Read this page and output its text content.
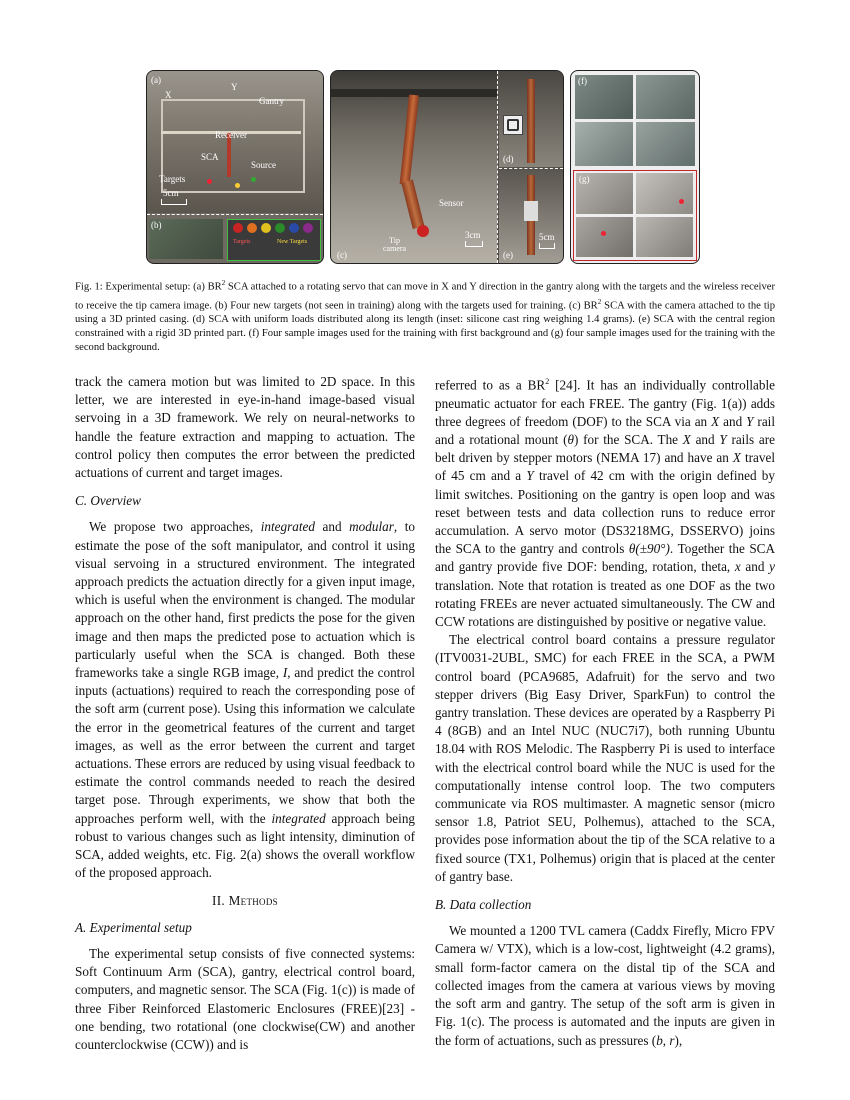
(a)
X
Y
Gantry
Receiver
SCA
Source
Targets
5cm
(b)
Targets	New Targets
(c)
Sensor
Tip
camera
3cm
(d)
(e)
5cm
(f)
(g)
Fig. 1: Experimental setup: (a) $BR^2$ SCA attached to a rotating servo that can move in X and Y direction in the gantry along with the targets and the wireless receiver to receive the tip camera image. (b) Four new targets (not seen in training) along with the targets used for training. (c) $BR^2$ SCA with the camera attached to the tip using a 3D printed casing. (d) SCA with uniform loads distributed along its length (inset: silicone cast ring weighing 1.4 grams). (e) SCA with the central region constrained with a rigid 3D printed part. (f) Four sample images used for the training with first background and (g) four sample images used for the training with the second background.

track the camera motion but was limited to 2D space. In this letter, we are interested in eye-in-hand image-based visual servoing in a 3D framework. We rely on neural-networks to handle the feature extraction and mapping to actuation. The control policy then computes the error between the predicted actuations of current and target images.

C. Overview

We propose two approaches, integrated and modular, to estimate the pose of the soft manipulator, and control it using visual servoing in a structured environment. The integrated approach predicts the actuation directly for a given input image, which is useful when the environment is changed. The modular approach on the other hand, first predicts the pose for the given image and then maps the predicted pose to actuation which is particularly useful when the SCA is changed. Both these frameworks take a single RGB image, I, and predict the control inputs (actuations) required to reach the corresponding pose of the soft arm (current pose). Using this information we calculate the error in the geometrical features of the current and target images, as well as the error between the current and target actuations. These errors are reduced by using visual feedback to estimate the control commands needed to reach the desired target pose. Through experiments, we show that both the approaches perform well, with the integrated approach being robust to various changes such as light intensity, diminution of SCA, added weights, etc. Fig. 2(a) shows the overall workflow of the proposed approach.

II. Methods
A. Experimental setup

The experimental setup consists of five connected systems: Soft Continuum Arm (SCA), gantry, electrical control board, computers, and magnetic sensor. The SCA (Fig. 1(c)) is made of three Fiber Reinforced Elastomeric Enclosures (FREE)[23] - one bending, two rotational (one clockwise(CW) and another counterclockwise (CCW)) and is

referred to as a $BR^2$ [24]. It has an individually controllable pneumatic actuator for each FREE. The gantry (Fig. 1(a)) adds three degrees of freedom (DOF) to the SCA via an X and Y rail and a rotational mount (θ) for the SCA. The X and Y rails are belt driven by stepper motors (NEMA 17) and have an X travel of 45 cm and a Y travel of 42 cm with the origin defined by limit switches. Positioning on the gantry is open loop and was reset between tests and data collection runs to reduce error accumulation. A servo motor (DS3218MG, DSSERVO) joins the SCA to the gantry and controls θ(±90°). Together the SCA and gantry provide five DOF: bending, rotation, theta, x and y translation. Note that rotation is treated as one DOF as the two rotating FREEs are never actuated simultaneously. The CW and CCW rotations are distinguished by positive or negative value.

The electrical control board contains a pressure regulator (ITV0031-2UBL, SMC) for each FREE in the SCA, a PWM control board (PCA9685, Adafruit) for the servo and two stepper drivers (Big Easy Driver, SparkFun) to control the gantry translation. These devices are operated by a Raspberry Pi 4 (8GB) and an Intel NUC (NUC7i7), both running Ubuntu 18.04 with ROS Melodic. The Raspberry Pi is used to interface with the electrical control board while the NUC is used for the computationally intense control loop. The two computers communicate via ROS multimaster. A magnetic sensor (micro sensor 1.8, Patriot SEU, Polhemus), attached to the SCA, provides pose information about the tip of the SCA relative to a fixed source (TX1, Polhemus) origin that is placed at the center of gantry base.

B. Data collection

We mounted a 1200 TVL camera (Caddx Firefly, Micro FPV Camera w/ VTX), which is a low-cost, lightweight (4.2 grams), small form-factor camera on the distal tip of the SCA and collected images from the camera at various views by moving the soft arm and gantry. The setup of the soft arm is given in Fig. 1(c). The process is automated and the inputs are given in the form of actuations, such as pressures (b, r),
